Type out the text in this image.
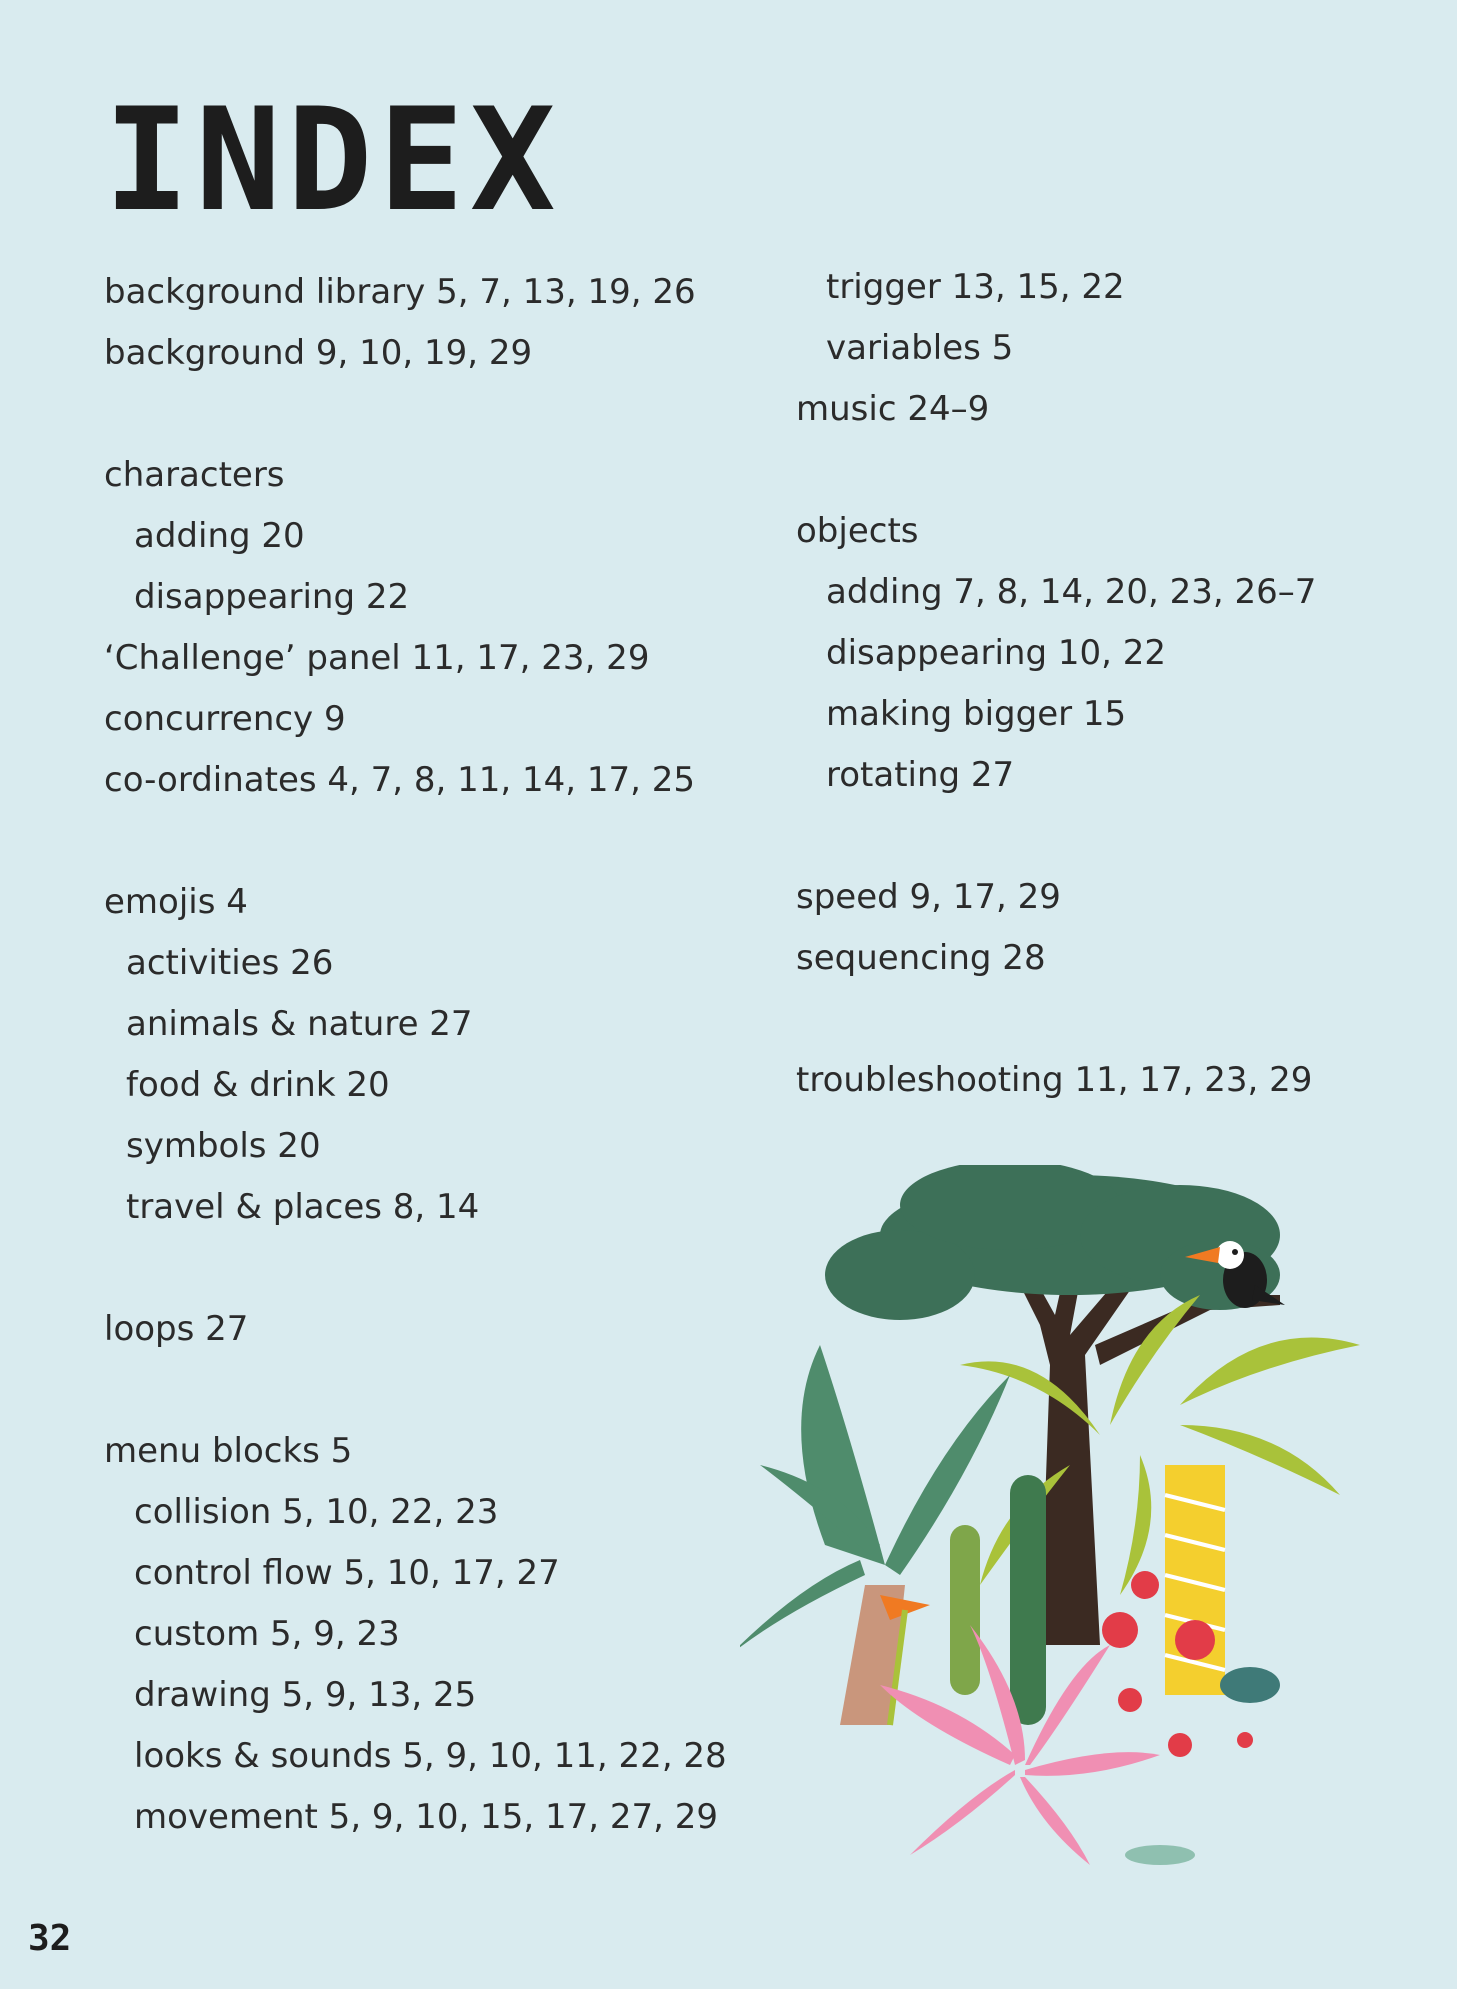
INDEX
background library 5, 7, 13, 19, 26
background 9, 10, 19, 29
characters
adding 20
disappearing 22
‘Challenge’ panel 11, 17, 23, 29
concurrency 9
co-ordinates 4, 7, 8, 11, 14, 17, 25
emojis 4
activities 26
animals & nature 27
food & drink 20
symbols 20
travel & places 8, 14
loops 27
menu blocks 5
collision 5, 10, 22, 23
control flow 5, 10, 17, 27
custom 5, 9, 23
drawing 5, 9, 13, 25
looks & sounds 5, 9, 10, 11, 22, 28
movement 5, 9, 10, 15, 17, 27, 29
trigger 13, 15, 22
variables 5
music 24–9
objects
adding 7, 8, 14, 20, 23, 26–7
disappearing 10, 22
making bigger 15
rotating 27
speed 9, 17, 29
sequencing 28
troubleshooting 11, 17, 23, 29
32
